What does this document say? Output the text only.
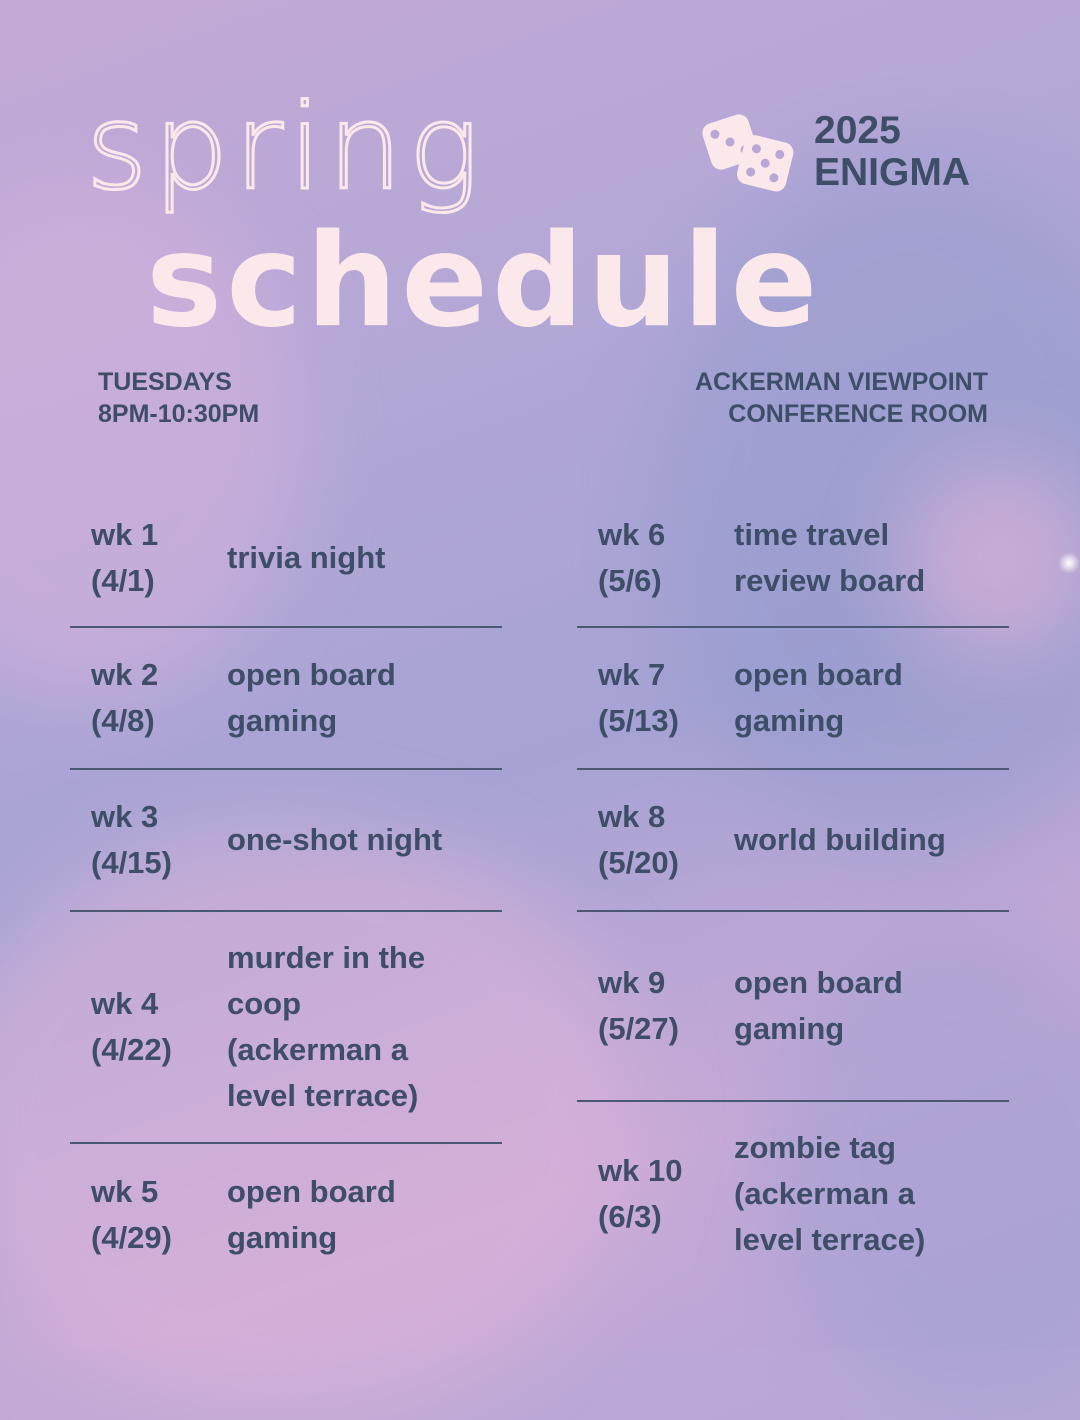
spring	2025
ENIGMA
schedule
TUESDAYS
8PM-10:30PM
ACKERMAN VIEWPOINT
CONFERENCE ROOM
wk 1
(4/1)
trivia night
wk 2
(4/8)
open board
gaming
wk 3
(4/15)
one-shot night
wk 4
(4/22)
murder in the
coop
(ackerman a
level terrace)
wk 5
(4/29)
open board
gaming
wk 6
(5/6)
time travel
review board
wk 7
(5/13)
open board
gaming
wk 8
(5/20)
world building
wk 9
(5/27)
open board
gaming
wk 10
(6/3)
zombie tag
(ackerman a
level terrace)
